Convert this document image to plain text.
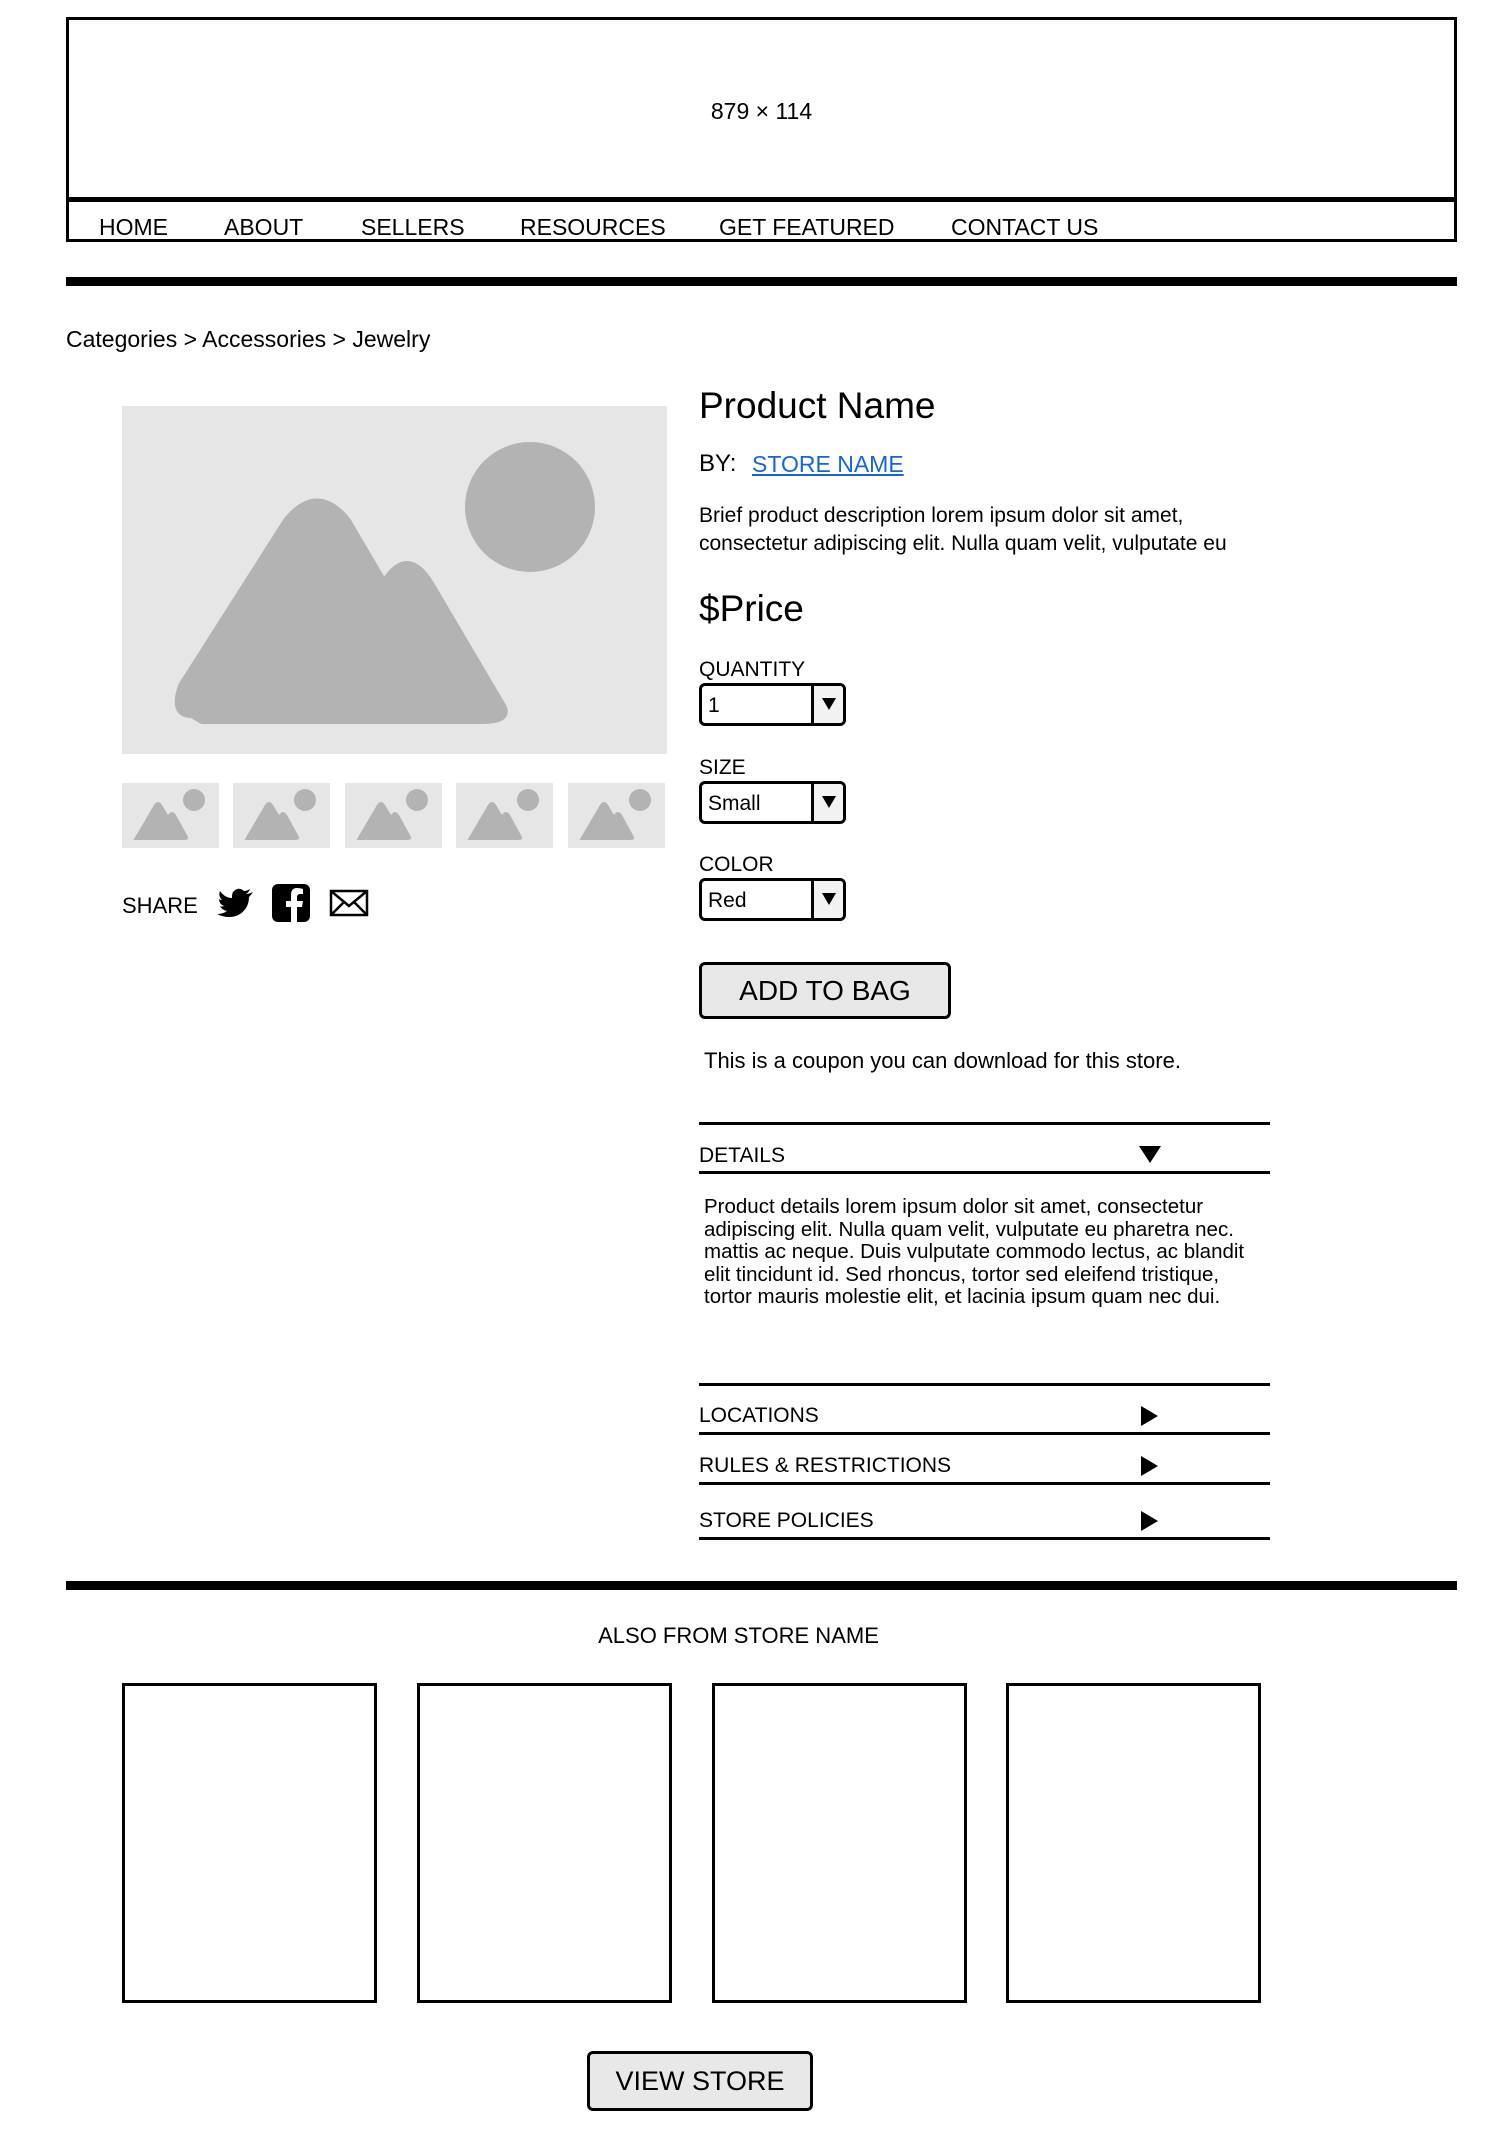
879 × 114
HOME ABOUT	SELLERS RESOURCES GET FEATURED CONTACT US
Categories > Accessories > Jewelry
SHARE
Product Name
BY: STORE NAME
Brief product description lorem ipsum dolor sit amet, consectetur adipiscing elit. Nulla quam velit, vulputate eu
$Price
QUANTITY
1
SIZE
Small
COLOR
Red
ADD TO BAG
This is a coupon you can download for this store.
DETAILS
Product details lorem ipsum dolor sit amet, consectetur adipiscing elit. Nulla quam velit, vulputate eu pharetra nec. mattis ac neque. Duis vulputate commodo lectus, ac blandit elit tincidunt id. Sed rhoncus, tortor sed eleifend tristique, tortor mauris molestie elit, et lacinia ipsum quam nec dui.
LOCATIONS
RULES & RESTRICTIONS
STORE POLICIES
ALSO FROM STORE NAME
VIEW STORE
